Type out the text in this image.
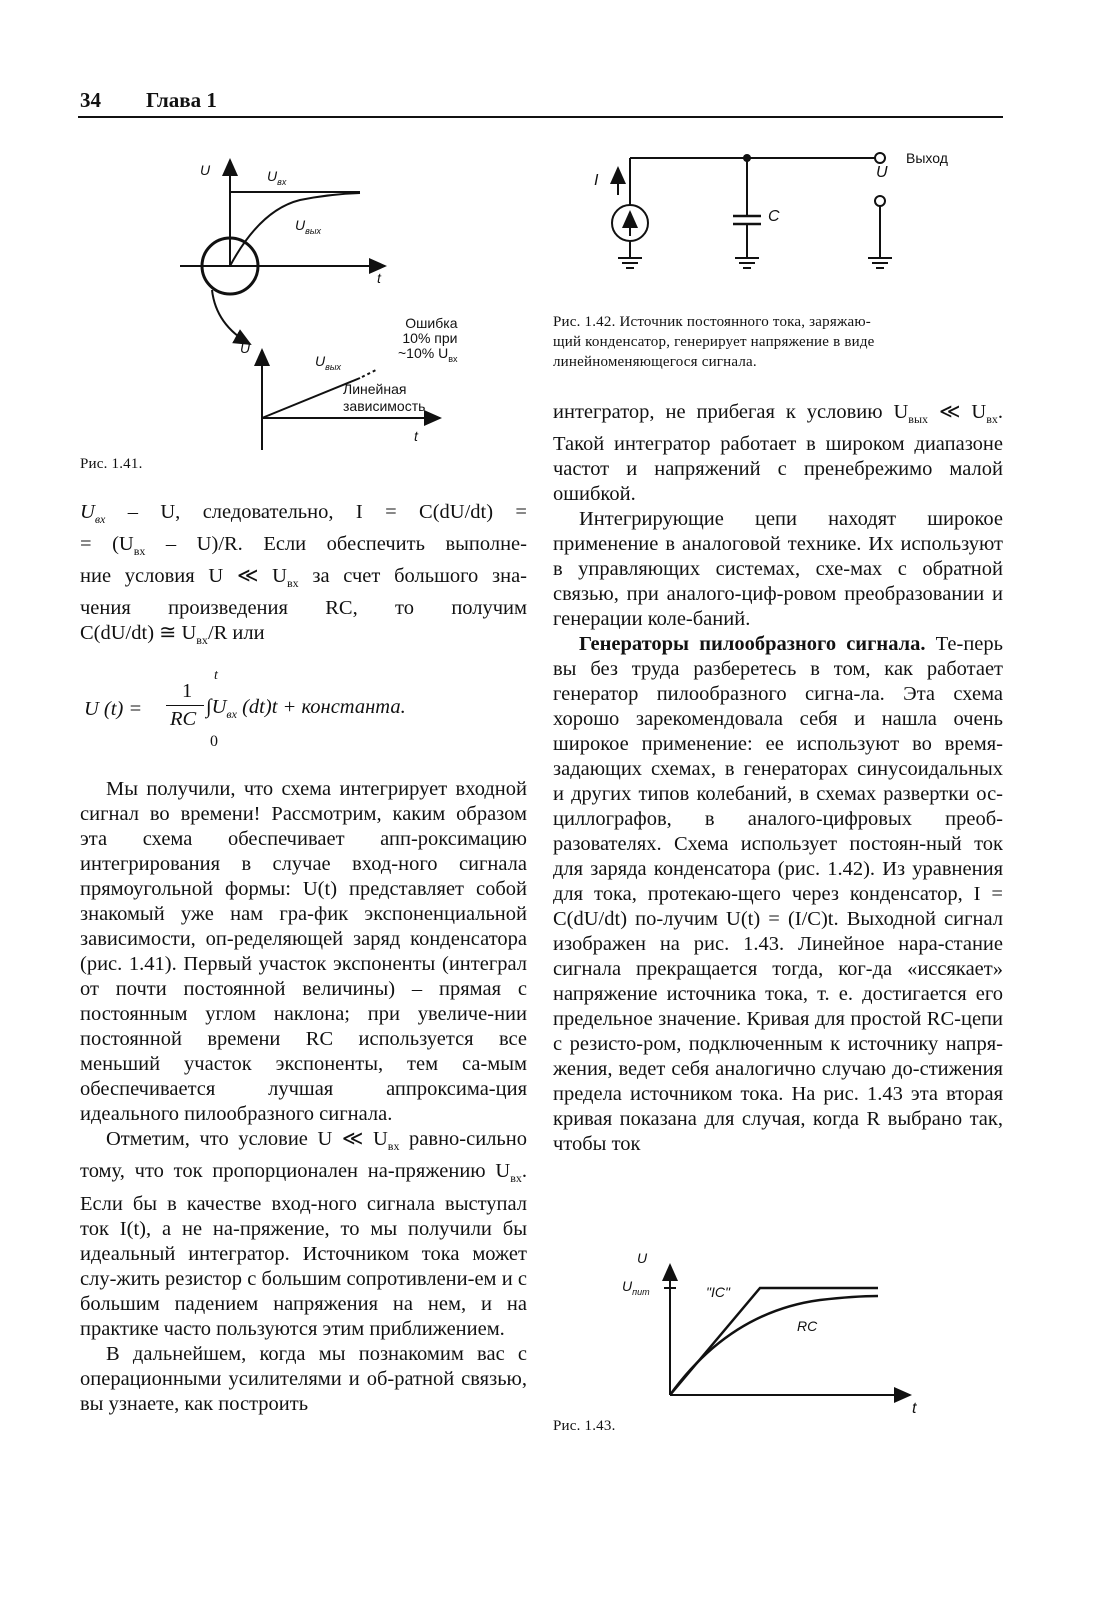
34 Глава 1
U	$U_{вх}$
$U_{вых}$
t
U
$U_{вых}$
Ошибка
10% при
~10% $U_{вх}$
Линейная
зависимость
t
Рис. 1.41.
I
C
U
Выход
Рис. 1.42. Источник постоянного тока, заряжаю-
щий конденсатор, генерирует напряжение в виде
линейноменяющегося сигнала.
$U_{вх}$ – U, следовательно, I = C(dU/dt) =
= $(U_{вх} - U)/R$. Если обеспечить выполне-
ние условия U ≪ $U_{вх}$ за счет большого зна-
чения произведения RC, то получим
C(dU/dt) ≅ $U_{вх}/R$ или
U (t) =
1
RC
t
0
$\int U_{вх}$ (dt)t + константа.

Мы получили, что схема интегрирует входной сигнал во времени! Рассмотрим, каким образом эта схема обеспечивает апп-роксимацию интегрирования в случае вход-ного сигнала прямоугольной формы: U(t) представляет собой знакомый уже нам гра-фик экспоненциальной зависимости, оп-ределяющей заряд конденсатора (рис. 1.41). Первый участок экспоненты (интеграл от почти постоянной величины) – прямая с постоянным углом наклона; при увеличе-нии постоянной времени RC используется все меньший участок экспоненты, тем са-мым обеспечивается лучшая аппроксима-ция идеального пилообразного сигнала.

Отметим, что условие U ≪ $U_{вх}$ равно-сильно тому, что ток пропорционален на-пряжению $U_{вх}$. Если бы в качестве вход-ного сигнала выступал ток I(t), а не на-пряжение, то мы получили бы идеальный интегратор. Источником тока может слу-жить резистор с большим сопротивлени-ем и с большим падением напряжения на нем, и на практике часто пользуются этим приближением.

В дальнейшем, когда мы познакомим вас с операционными усилителями и об-ратной связью, вы узнаете, как построить

интегратор, не прибегая к условию $U_{вых}$ ≪ $U_{вх}$. Такой интегратор работает в широком диапазоне частот и напряжений с пренебрежимо малой ошибкой.

Интегрирующие цепи находят широкое применение в аналоговой технике. Их используют в управляющих системах, схе-мах с обратной связью, при аналого-циф-ровом преобразовании и генерации коле-баний.

Генераторы пилообразного сигнала. Те-перь вы без труда разберетесь в том, как работает генератор пилообразного сигна-ла. Эта схема хорошо зарекомендовала себя и нашла очень широкое применение: ее используют во время-задающих схемах, в генераторах синусоидальных и других типов колебаний, в схемах развертки ос-циллографов, в аналого-цифровых преоб-разователях. Схема использует постоян-ный ток для заряда конденсатора (рис. 1.42). Из уравнения для тока, протекаю-щего через конденсатор, I = C(dU/dt) по-лучим U(t) = (I/C)t. Выходной сигнал изображен на рис. 1.43. Линейное нара-стание сигнала прекращается тогда, ког-да «иссякает» напряжение источника тока, т. е. достигается его предельное значение. Кривая для простой RC-цепи с резисто-ром, подключенным к источнику напря-жения, ведет себя аналогично случаю до-стижения предела источником тока. На рис. 1.43 эта вторая кривая показана для случая, когда R выбрано так, чтобы ток

U
$U_{пит}$	"IC"
RC
t
Рис. 1.43.
